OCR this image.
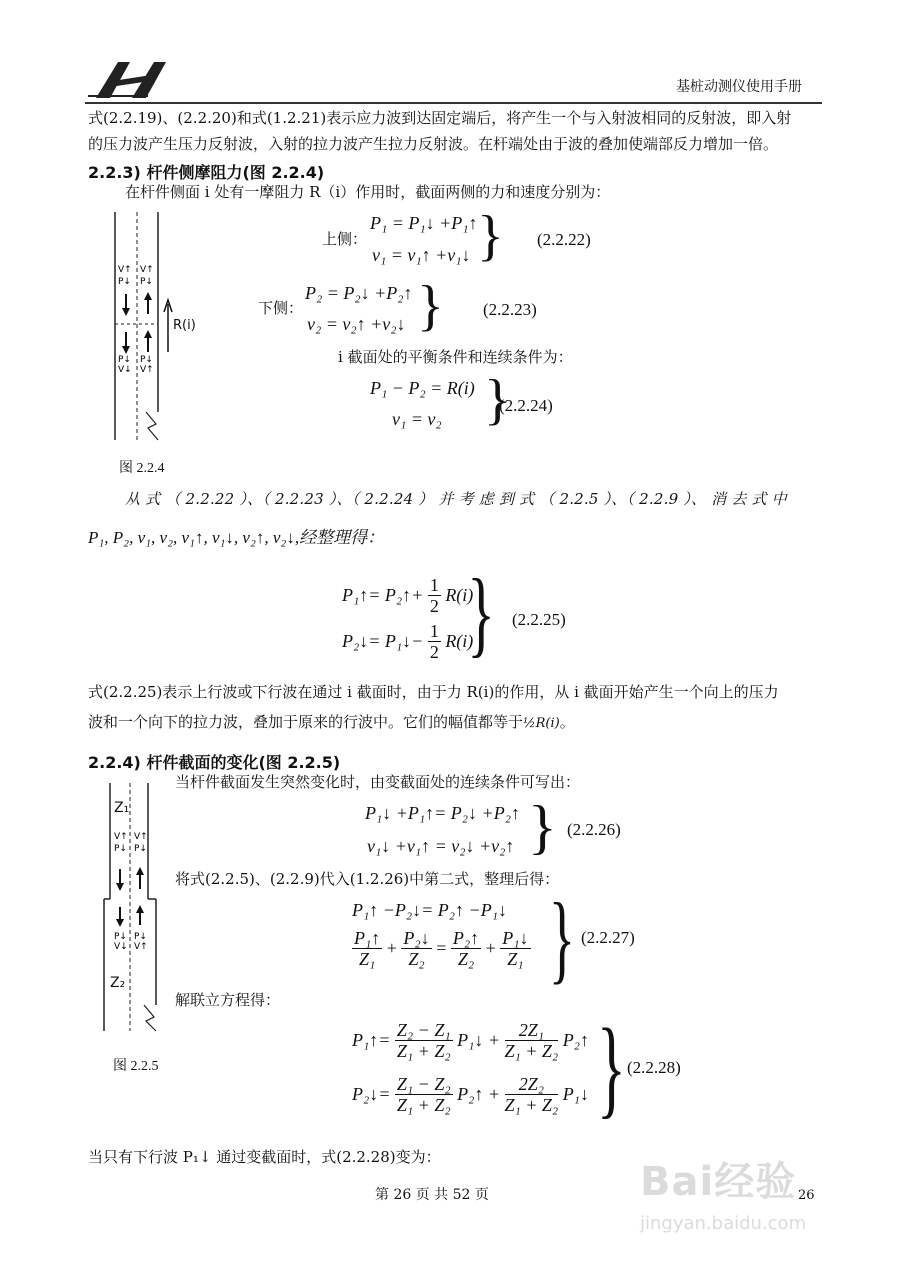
基桩动测仪使用手册
式(2.2.19)、(2.2.20)和式(1.2.21)表示应力波到达固定端后，将产生一个与入射波相同的反射波，即入射
的压力波产生压力反射波，入射的拉力波产生拉力反射波。在杆端处由于波的叠加使端部反力增加一倍。
2.2.3) 杆件侧摩阻力(图 2.2.4)
在杆件侧面 i 处有一摩阻力 R（i）作用时，截面两侧的力和速度分别为：
V↑
P↓
V↑
P↓
P↓
V↓
P↓
V↑
R(i)
上侧：
P₁ = P₁↓ +P₁↑
v₁ = v₁↑ +v₁↓ } (2.2.22)
下侧：
P₂ = P₂↓ +P₂↑
v₂ = v₂↑ +v₂↓ } (2.2.23)
i 截面处的平衡条件和连续条件为：
P₁ − P₂ = R(i)
v₁ = v₂ }
(2.2.24)
图 2.2.4
从 式 （ 2.2.22 ）、（ 2.2.23 ）、（ 2.2.24 ） 并 考 虑 到 式 （ 2.2.5 ）、（ 2.2.9 ）、 消 去 式 中
P₁, P₂, v₁, v₂, v₁↑, v₁↓, v₂↑, v₂↓,经整理得：
P₁↑= P₂↑+ $\frac{1}{2} R(i)$
P₂↓= P₁↓− $\frac{1}{2} R(i)$
} (2.2.25)
式(2.2.25)表示上行波或下行波在通过 i 截面时，由于力 R(i)的作用，从 i 截面开始产生一个向上的压力
波和一个向下的拉力波，叠加于原来的行波中。它们的幅值都等于½R(i)。
2.2.4) 杆件截面的变化(图 2.2.5)
当杆件截面发生突然变化时，由变截面处的连续条件可写出：
V↑
P↓
V↑
P↓
P↓
V↓
P↓
V↑
Z₁
Z₂
P₁↓ +P₁↑= P₂↓ +P₂↑
v₁↓ +v₁↑ = v₂↓ +v₂↑ } (2.2.26)
将式(2.2.5)、(2.2.9)代入(1.2.26)中第二式，整理后得：
P₁↑ −P₂↓= P₂↑ −P₁↓
$\frac{\text{P₁↑}}{\text{Z₁}} + \frac{\text{P₂↓}}{\text{Z₂}} = \frac{\text{P₂↑}}{\text{Z₂}} + \frac{\text{P₁↓}}{\text{Z₁}}$ } (2.2.27)
解联立方程得：
P₁↑= $\frac{\text{Z₂ − Z₁}}{\text{Z₁ + Z₂}}$ P₁↓ + $\frac{\text{2Z₁}}{\text{Z₁ + Z₂}}$ P₂↑
P₂↓= $\frac{\text{Z₁ − Z₂}}{\text{Z₁ + Z₂}}$ P₂↑ + $\frac{\text{2Z₂}}{\text{Z₁ + Z₂}}$ P₁↓ } (2.2.28)
图 2.2.5
当只有下行波 P₁↓ 通过变截面时，式(2.2.28)变为：
第 26 页 共 52 页	26
Bai经验
jingyan.baidu.com
